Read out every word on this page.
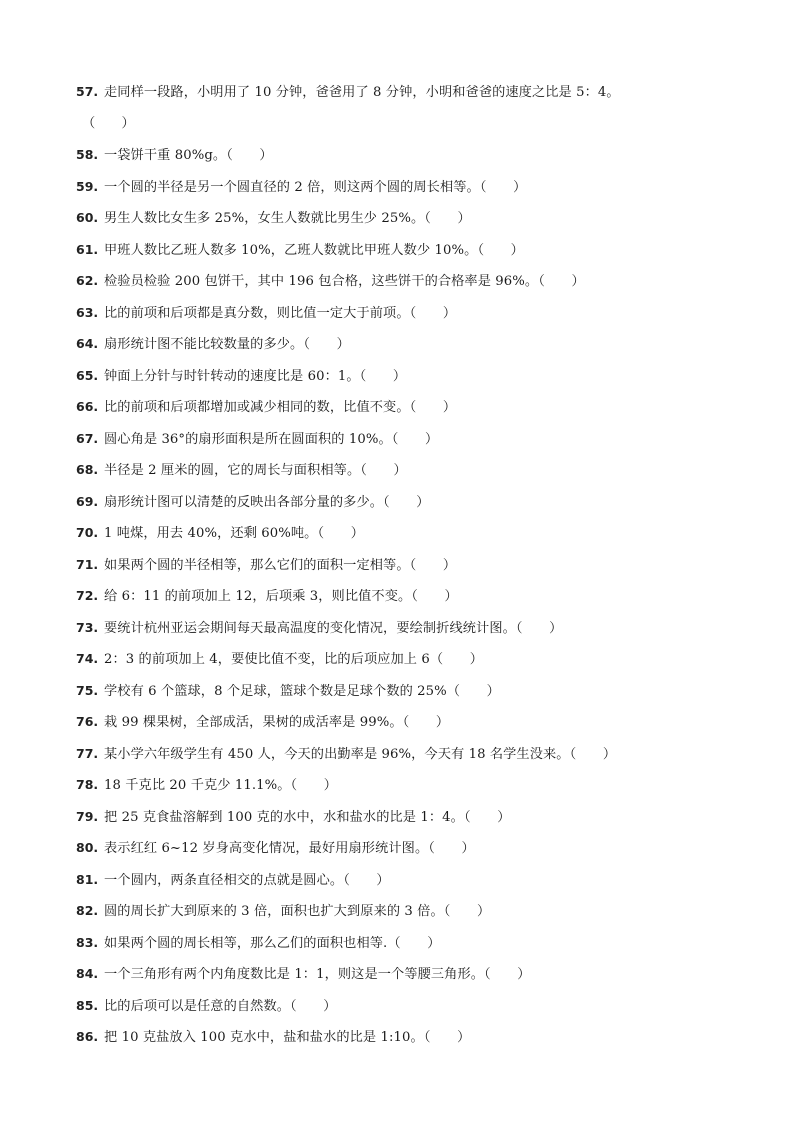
57. 走同样一段路，小明用了 10 分钟，爸爸用了 8 分钟，小明和爸爸的速度之比是 5：4。
（　　）
58. 一袋饼干重 80%g。（　　）
59. 一个圆的半径是另一个圆直径的 2 倍，则这两个圆的周长相等。（　　）
60. 男生人数比女生多 25%，女生人数就比男生少 25%。（　　）
61. 甲班人数比乙班人数多 10%，乙班人数就比甲班人数少 10%。（　　）
62. 检验员检验 200 包饼干，其中 196 包合格，这些饼干的合格率是 96%。（　　）
63. 比的前项和后项都是真分数，则比值一定大于前项。（　　）
64. 扇形统计图不能比较数量的多少。（　　）
65. 钟面上分针与时针转动的速度比是 60：1。（　　）
66. 比的前项和后项都增加或减少相同的数，比值不变。（　　）
67. 圆心角是 36°的扇形面积是所在圆面积的 10%。（　　）
68. 半径是 2 厘米的圆，它的周长与面积相等。（　　）
69. 扇形统计图可以清楚的反映出各部分量的多少。（　　）
70. 1 吨煤，用去 40%，还剩 60%吨。（　　）
71. 如果两个圆的半径相等，那么它们的面积一定相等。（　　）
72. 给 6：11 的前项加上 12，后项乘 3，则比值不变。（　　）
73. 要统计杭州亚运会期间每天最高温度的变化情况，要绘制折线统计图。（　　）
74. 2：3 的前项加上 4，要使比值不变，比的后项应加上 6（　　）
75. 学校有 6 个篮球，8 个足球，篮球个数是足球个数的 25%（　　）
76. 栽 99 棵果树，全部成活，果树的成活率是 99%。（　　）
77. 某小学六年级学生有 450 人，今天的出勤率是 96%，今天有 18 名学生没来。（　　）
78. 18 千克比 20 千克少 11.1%。（　　）
79. 把 25 克食盐溶解到 100 克的水中，水和盐水的比是 1：4。（　　）
80. 表示红红 6~12 岁身高变化情况，最好用扇形统计图。（　　）
81. 一个圆内，两条直径相交的点就是圆心。（　　）
82. 圆的周长扩大到原来的 3 倍，面积也扩大到原来的 3 倍。（　　）
83. 如果两个圆的周长相等，那么乙们的面积也相等.（　　）
84. 一个三角形有两个内角度数比是 1：1，则这是一个等腰三角形。（　　）
85. 比的后项可以是任意的自然数。（　　）
86. 把 10 克盐放入 100 克水中，盐和盐水的比是 1:10。（　　）
